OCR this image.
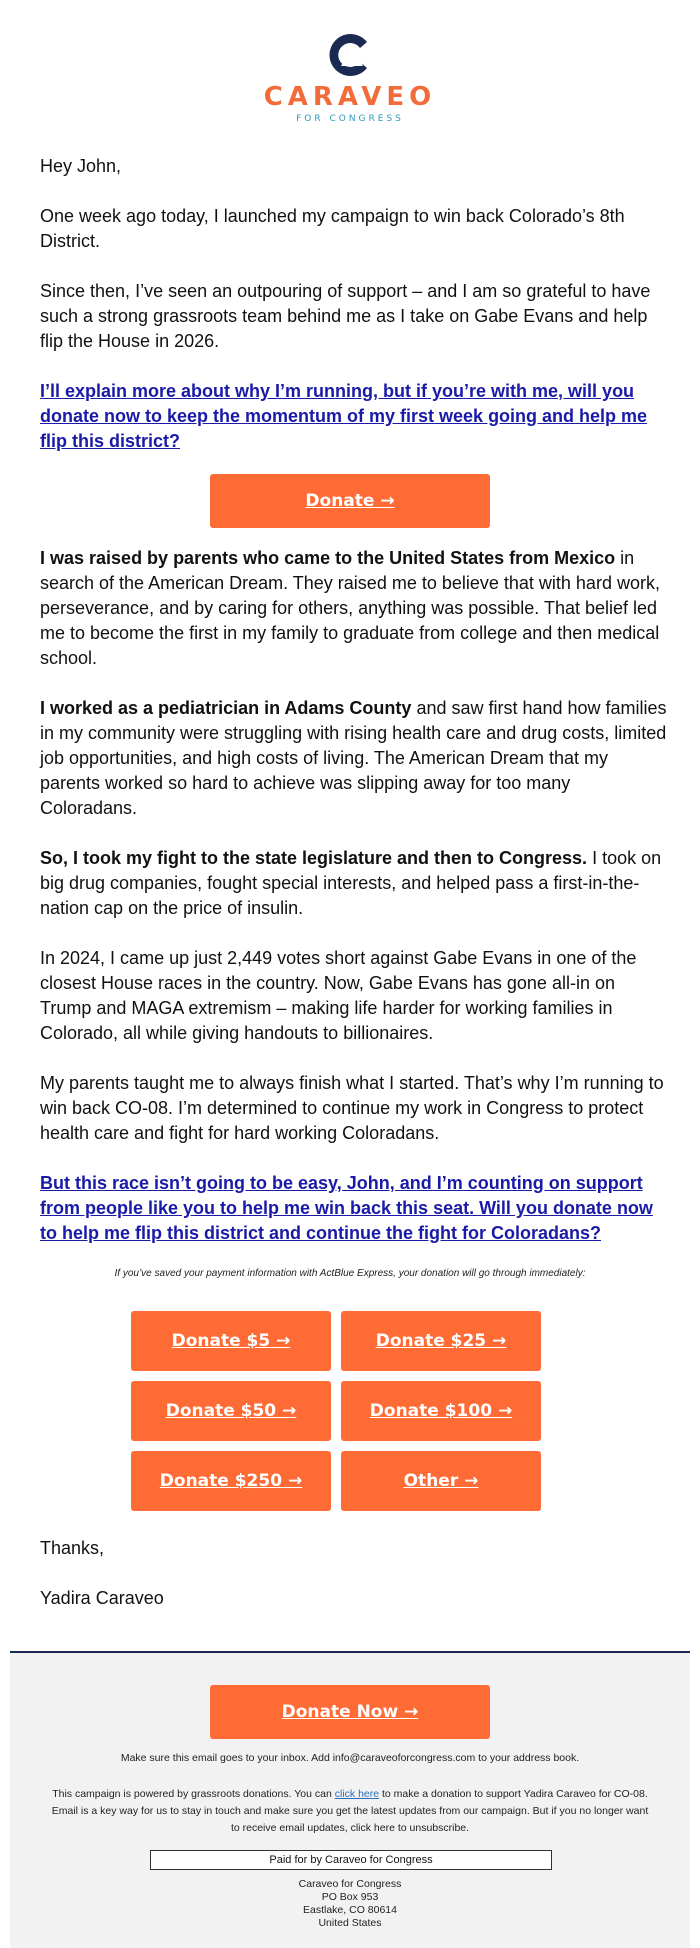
CARAVEO
FOR CONGRESS

Hey John,

One week ago today, I launched my campaign to win back Colorado’s 8th District.

Since then, I’ve seen an outpouring of support – and I am so grateful to have such a strong grassroots team behind me as I take on Gabe Evans and help flip the House in 2026.

I’ll explain more about why I’m running, but if you’re with me, will you donate now to keep the momentum of my first week going and help me flip this district?

Donate →
I was raised by parents who came to the United States from Mexico in search of the American Dream. They raised me to believe that with hard work, perseverance, and by caring for others, anything was possible. That belief led me to become the first in my family to graduate from college and then medical school.
I worked as a pediatrician in Adams County and saw first hand how families in my community were struggling with rising health care and drug costs, limited job opportunities, and high costs of living. The American Dream that my parents worked so hard to achieve was slipping away for too many Coloradans.
So, I took my fight to the state legislature and then to Congress. I took on big drug companies, fought special interests, and helped pass a first-in-the-nation cap on the price of insulin.
In 2024, I came up just 2,449 votes short against Gabe Evans in one of the closest House races in the country. Now, Gabe Evans has gone all-in on Trump and MAGA extremism – making life harder for working families in Colorado, all while giving handouts to billionaires.
My parents taught me to always finish what I started. That’s why I’m running to win back CO-08. I’m determined to continue my work in Congress to protect health care and fight for hard working Coloradans.
But this race isn’t going to be easy, John, and I’m counting on support from people like you to help me win back this seat. Will you donate now to help me flip this district and continue the fight for Coloradans?
If you’ve saved your payment information with ActBlue Express, your donation will go through immediately:
Donate $5 →	Donate $25 →
Donate $50 →	Donate $100 →
Donate $250 →	Other →
Thanks,
Yadira Caraveo
Donate Now →
Make sure this email goes to your inbox. Add info@caraveoforcongress.com to your address book.
This campaign is powered by grassroots donations. You can click here to make a donation to support Yadira Caraveo for CO-08. Email is a key way for us to stay in touch and make sure you get the latest updates from our campaign. But if you no longer want to receive email updates, click here to unsubscribe.
Paid for by Caraveo for Congress
Caraveo for Congress
PO Box 953
Eastlake, CO 80614
United States
